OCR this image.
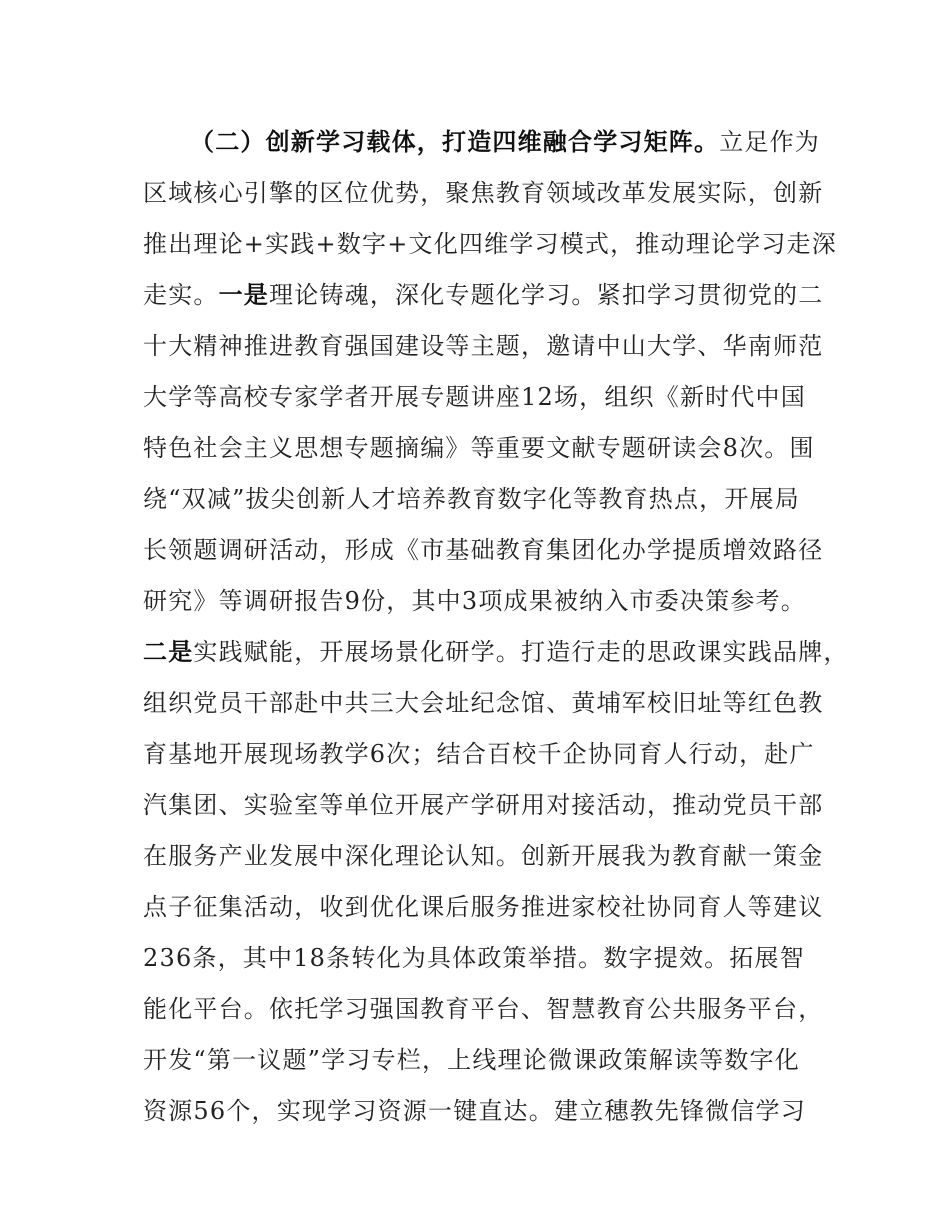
（二）创新学习载体，打造四维融合学习矩阵。立足作为
区域核心引擎的区位优势，聚焦教育领域改革发展实际，创新
推出理论+实践+数字+文化四维学习模式，推动理论学习走深
走实。一是理论铸魂，深化专题化学习。紧扣学习贯彻党的二
十大精神推进教育强国建设等主题，邀请中山大学、华南师范
大学等高校专家学者开展专题讲座12场，组织《新时代中国
特色社会主义思想专题摘编》等重要文献专题研读会8次。围
绕“双减”拔尖创新人才培养教育数字化等教育热点，开展局
长领题调研活动，形成《市基础教育集团化办学提质增效路径
研究》等调研报告9份，其中3项成果被纳入市委决策参考。
二是实践赋能，开展场景化研学。打造行走的思政课实践品牌，
组织党员干部赴中共三大会址纪念馆、黄埔军校旧址等红色教
育基地开展现场教学6次；结合百校千企协同育人行动，赴广
汽集团、实验室等单位开展产学研用对接活动，推动党员干部
在服务产业发展中深化理论认知。创新开展我为教育献一策金
点子征集活动，收到优化课后服务推进家校社协同育人等建议
236条，其中18条转化为具体政策举措。数字提效。拓展智
能化平台。依托学习强国教育平台、智慧教育公共服务平台，
开发“第一议题”学习专栏，上线理论微课政策解读等数字化
资源56个，实现学习资源一键直达。建立穗教先锋微信学习
